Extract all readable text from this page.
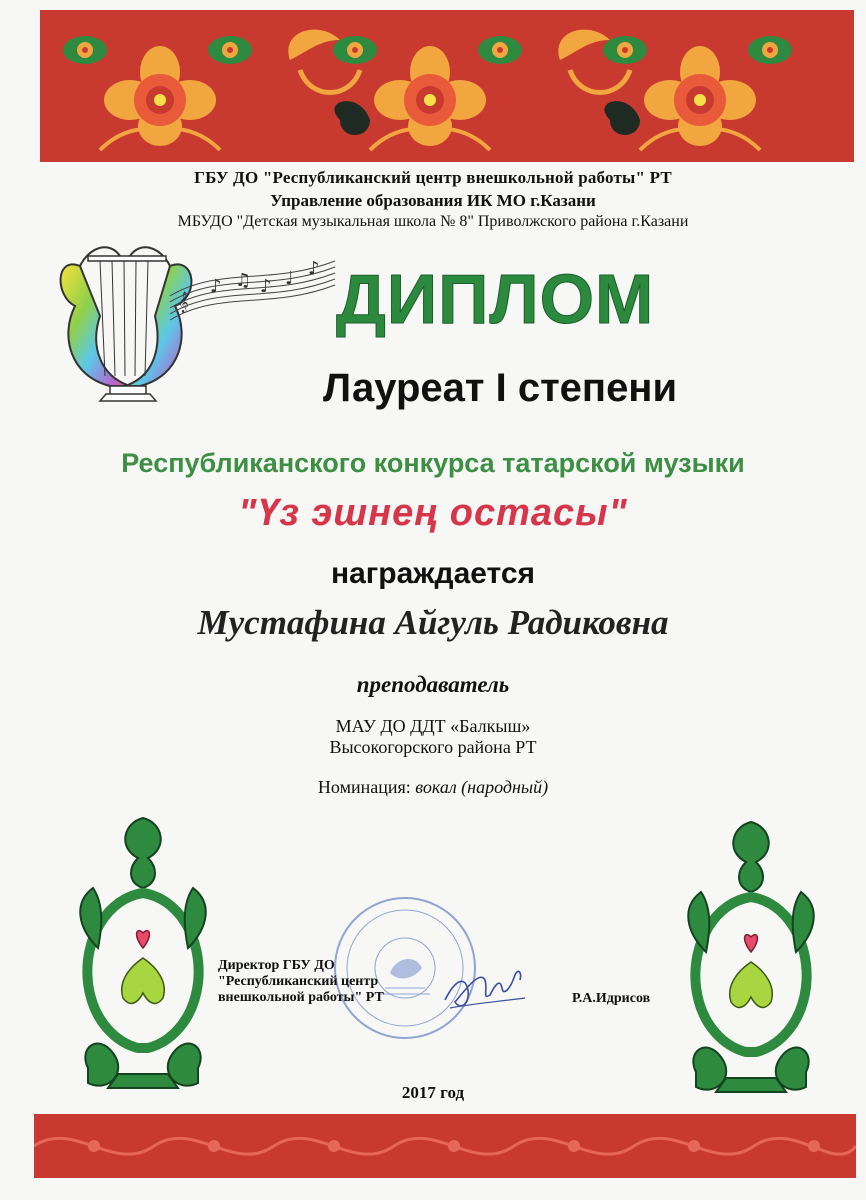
ГБУ ДО "Республиканский центр внешкольной работы" РТ
Управление образования ИК МО г.Казани
МБУДО "Детская музыкальная школа № 8" Приволжского района г.Казани
𝄞
♪ ♫ ♪ ♩ ♪ ДИПЛОМ
Лауреат I степени
Республиканского конкурса татарской музыки
"Үз эшнең остасы"
награждается
Мустафина Айгуль Радиковна
преподаватель
МАУ ДО ДДТ «Балкыш»
Высокогорского района РТ
Номинация: вокал (народный)
Директор ГБУ ДО
"Республиканский центр
внешкольной работы" РТ	Р.А.Идрисов
2017 год
